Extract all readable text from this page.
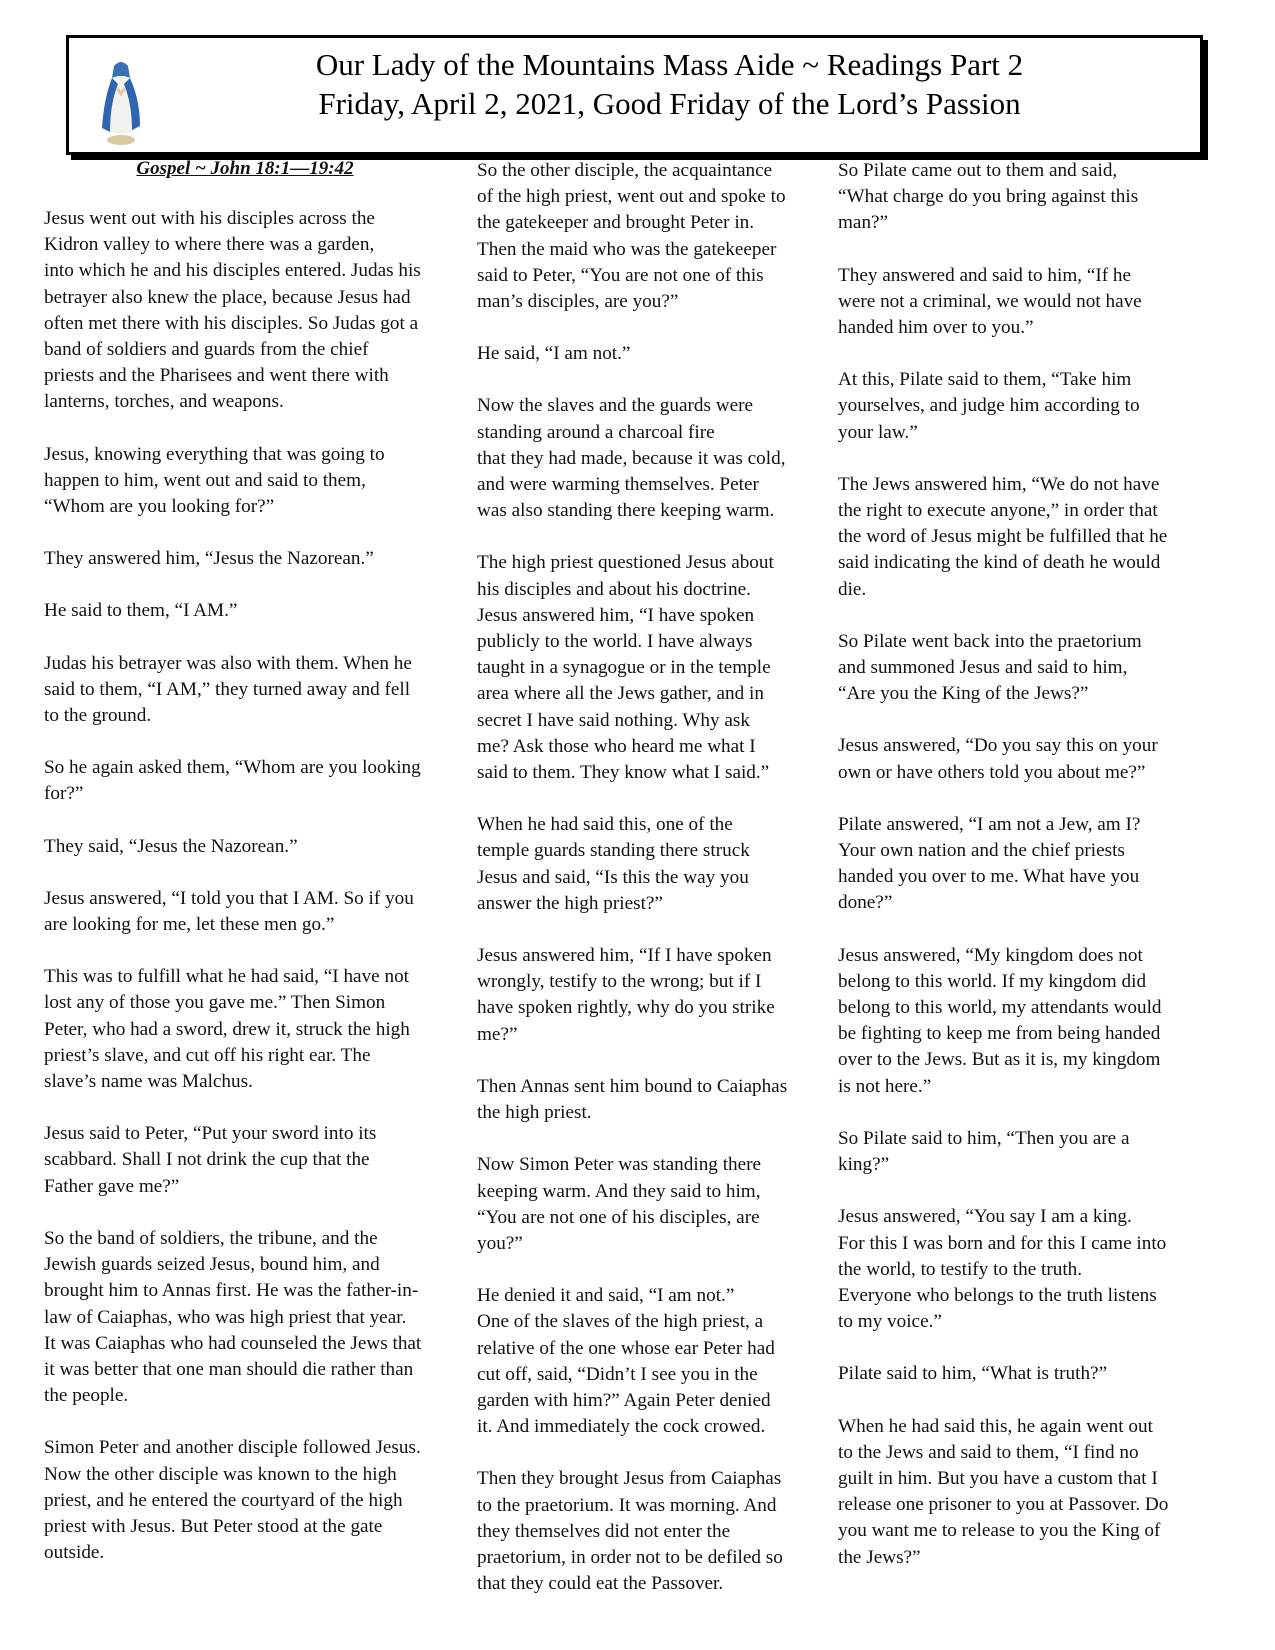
Our Lady of the Mountains Mass Aide ~ Readings Part 2
Friday, April 2, 2021, Good Friday of the Lord’s Passion
Gospel ~ John 18:1—19:42
Jesus went out with his disciples across the
Kidron valley to where there was a garden,
into which he and his disciples entered. Judas his
betrayer also knew the place, because Jesus had
often met there with his disciples. So Judas got a
band of soldiers and guards from the chief
priests and the Pharisees and went there with
lanterns, torches, and weapons.
Jesus, knowing everything that was going to
happen to him, went out and said to them,
“Whom are you looking for?”
They answered him, “Jesus the Nazorean.”
He said to them, “I AM.”
Judas his betrayer was also with them. When he
said to them, “I AM,” they turned away and fell
to the ground.
So he again asked them, “Whom are you looking
for?”
They said, “Jesus the Nazorean.”
Jesus answered, “I told you that I AM. So if you
are looking for me, let these men go.”
This was to fulfill what he had said, “I have not
lost any of those you gave me.” Then Simon
Peter, who had a sword, drew it, struck the high
priest’s slave, and cut off his right ear. The
slave’s name was Malchus.
Jesus said to Peter, “Put your sword into its
scabbard. Shall I not drink the cup that the
Father gave me?”
So the band of soldiers, the tribune, and the
Jewish guards seized Jesus, bound him, and
brought him to Annas first. He was the father-in-
law of Caiaphas, who was high priest that year.
It was Caiaphas who had counseled the Jews that
it was better that one man should die rather than
the people.
Simon Peter and another disciple followed Jesus.
Now the other disciple was known to the high
priest, and he entered the courtyard of the high
priest with Jesus. But Peter stood at the gate
outside.
So the other disciple, the acquaintance
of the high priest, went out and spoke to
the gatekeeper and brought Peter in.
Then the maid who was the gatekeeper
said to Peter, “You are not one of this
man’s disciples, are you?”
He said, “I am not.”
Now the slaves and the guards were
standing around a charcoal fire
that they had made, because it was cold,
and were warming themselves. Peter
was also standing there keeping warm.
The high priest questioned Jesus about
his disciples and about his doctrine.
Jesus answered him, “I have spoken
publicly to the world. I have always
taught in a synagogue or in the temple
area where all the Jews gather, and in
secret I have said nothing. Why ask
me? Ask those who heard me what I
said to them. They know what I said.”
When he had said this, one of the
temple guards standing there struck
Jesus and said, “Is this the way you
answer the high priest?”
Jesus answered him, “If I have spoken
wrongly, testify to the wrong; but if I
have spoken rightly, why do you strike
me?”
Then Annas sent him bound to Caiaphas
the high priest.
Now Simon Peter was standing there
keeping warm. And they said to him,
“You are not one of his disciples, are
you?”
He denied it and said, “I am not.”
One of the slaves of the high priest, a
relative of the one whose ear Peter had
cut off, said, “Didn’t I see you in the
garden with him?” Again Peter denied
it. And immediately the cock crowed.
Then they brought Jesus from Caiaphas
to the praetorium. It was morning. And
they themselves did not enter the
praetorium, in order not to be defiled so
that they could eat the Passover.
So Pilate came out to them and said,
“What charge do you bring against this
man?”
They answered and said to him, “If he
were not a criminal, we would not have
handed him over to you.”
At this, Pilate said to them, “Take him
yourselves, and judge him according to
your law.”
The Jews answered him, “We do not have
the right to execute anyone,” in order that
the word of Jesus might be fulfilled that he
said indicating the kind of death he would
die.
So Pilate went back into the praetorium
and summoned Jesus and said to him,
“Are you the King of the Jews?”
Jesus answered, “Do you say this on your
own or have others told you about me?”
Pilate answered, “I am not a Jew, am I?
Your own nation and the chief priests
handed you over to me. What have you
done?”
Jesus answered, “My kingdom does not
belong to this world. If my kingdom did
belong to this world, my attendants would
be fighting to keep me from being handed
over to the Jews. But as it is, my kingdom
is not here.”
So Pilate said to him, “Then you are a
king?”
Jesus answered, “You say I am a king.
For this I was born and for this I came into
the world, to testify to the truth.
Everyone who belongs to the truth listens
to my voice.”
Pilate said to him, “What is truth?”
When he had said this, he again went out
to the Jews and said to them, “I find no
guilt in him. But you have a custom that I
release one prisoner to you at Passover. Do
you want me to release to you the King of
the Jews?”
